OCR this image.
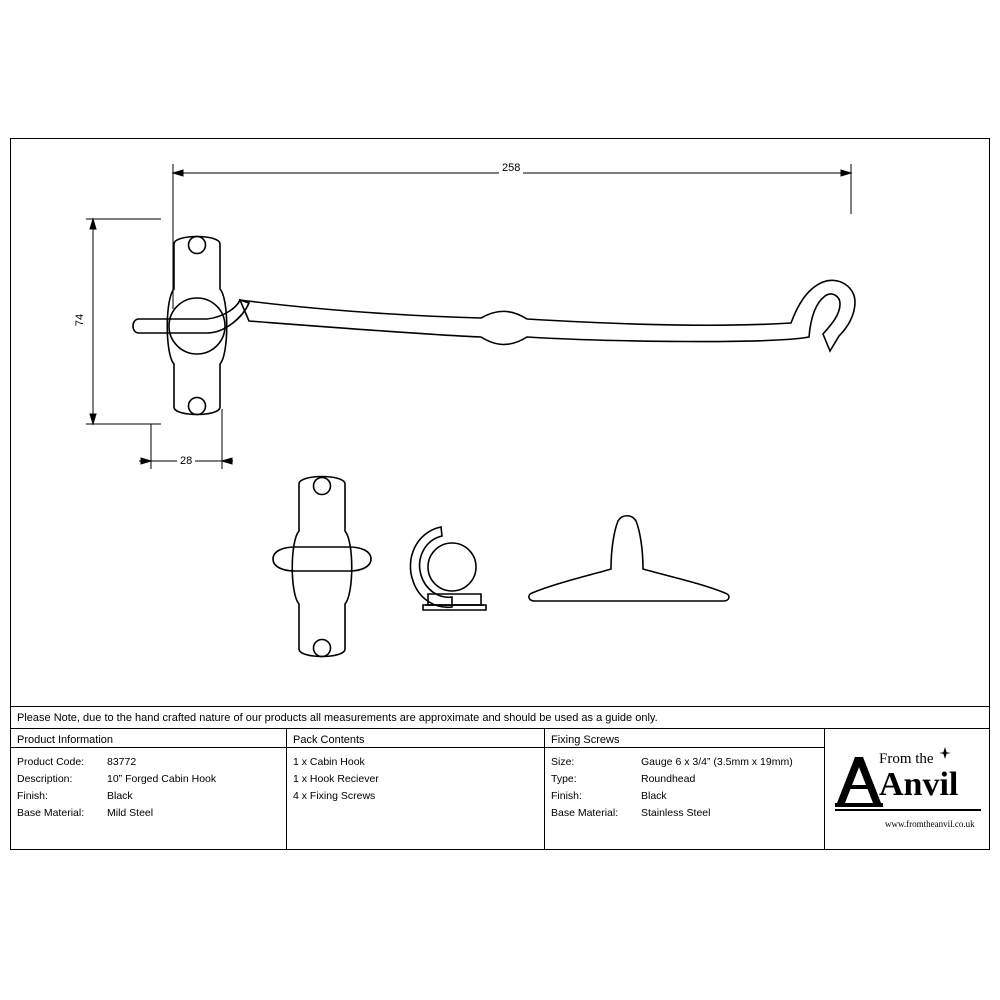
258
74
28
Please Note, due to the hand crafted nature of our products all measurements are approximate and should be used as a guide only.
Product Information
Product Code:	83772
Description:	10” Forged Cabin Hook
Finish:	Black
Base Material:	Mild Steel
Pack Contents
1 x Cabin Hook
1 x Hook Reciever
4 x Fixing Screws
Fixing Screws
Size:	Gauge 6 x 3/4” (3.5mm x 19mm)
Type:	Roundhead
Finish:	Black
Base Material:	Stainless Steel
From the
Anvil
www.fromtheanvil.co.uk
